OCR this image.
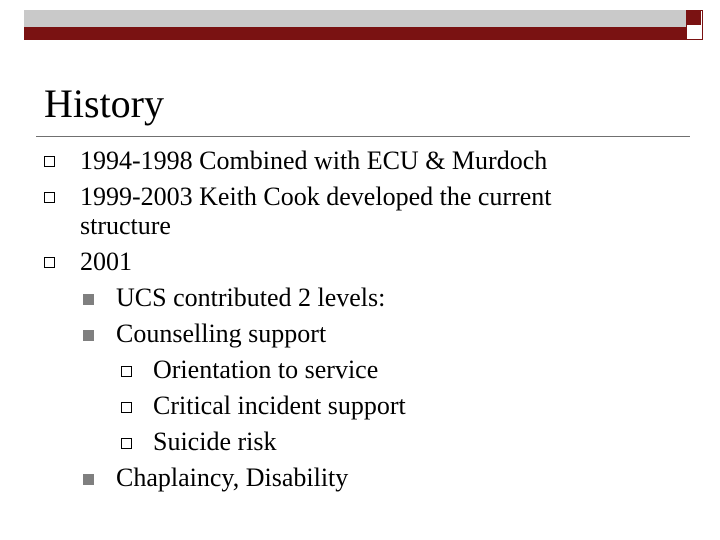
History
1994-1998 Combined with ECU & Murdoch
1999-2003 Keith Cook developed the current
structure
2001
UCS contributed 2 levels:
Counselling support
Orientation to service
Critical incident support
Suicide risk
Chaplaincy, Disability
